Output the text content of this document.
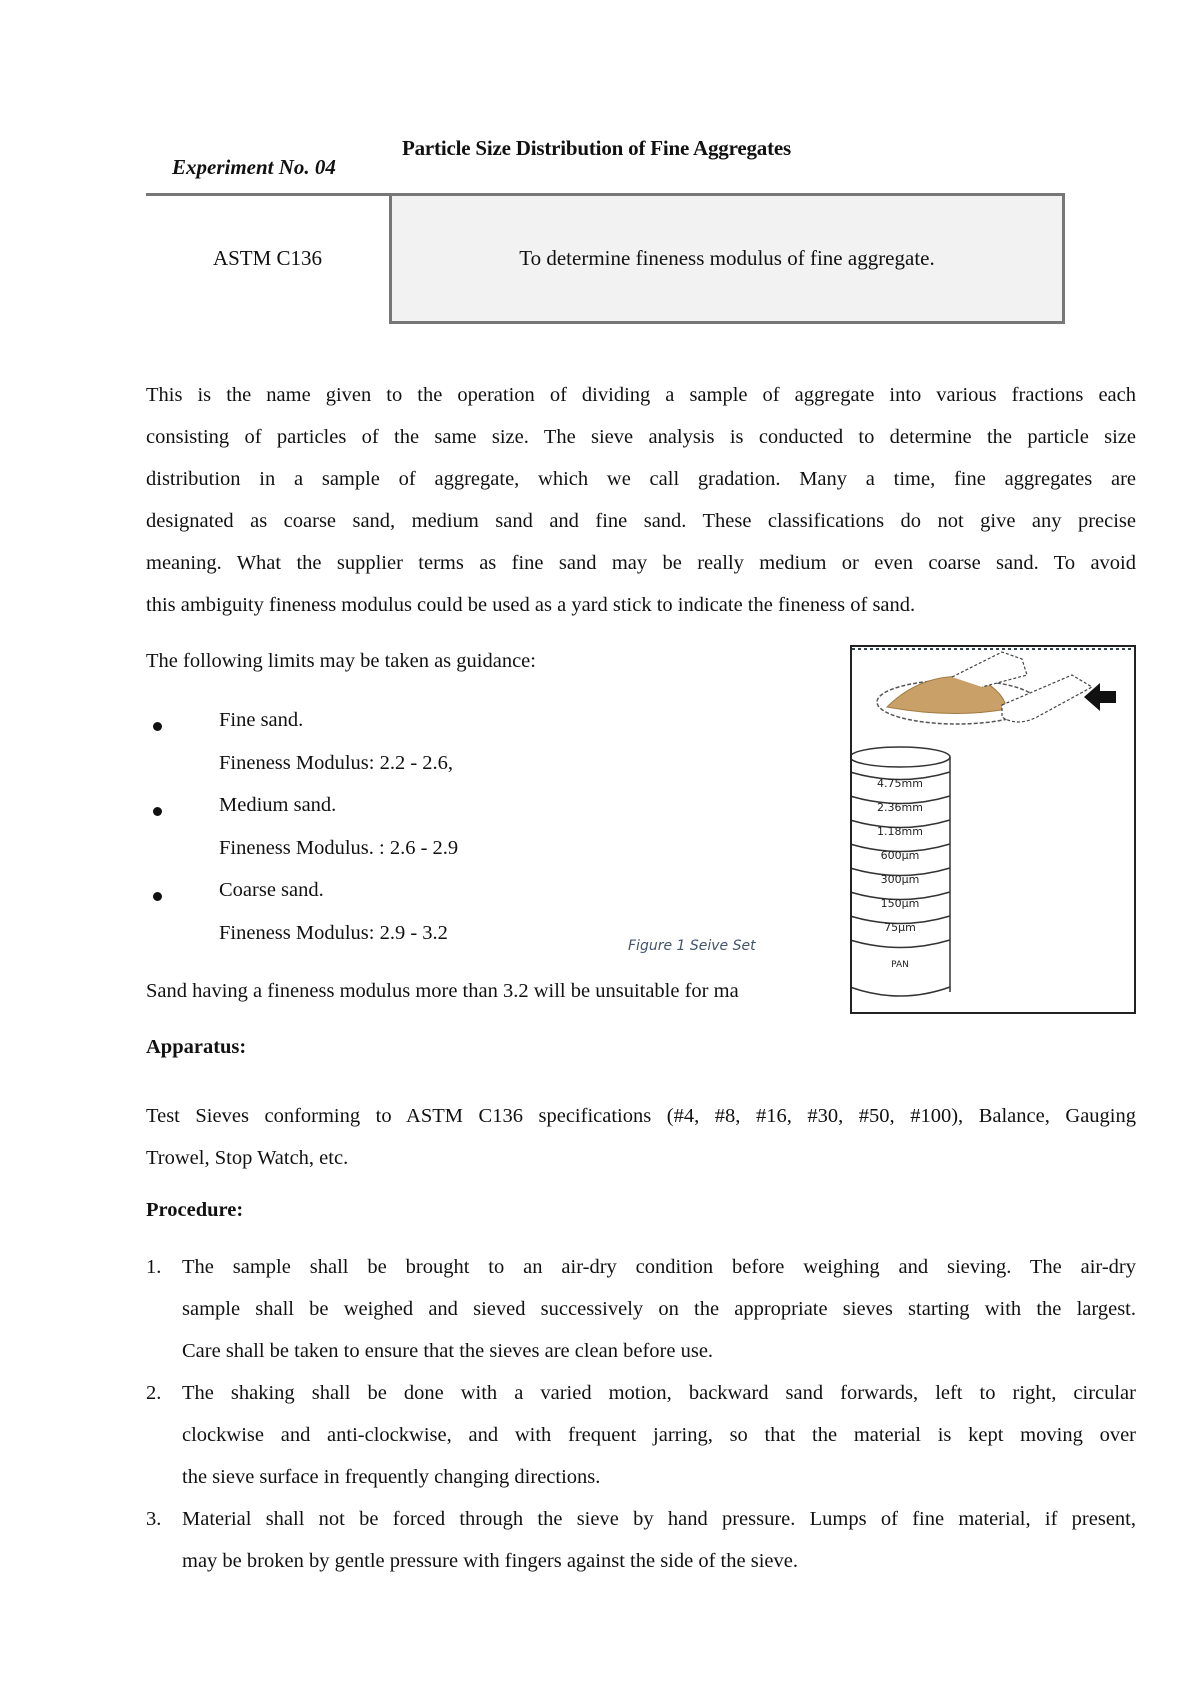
Particle Size Distribution of Fine Aggregates
Experiment No. 04
ASTM C136	To determine fineness modulus of fine aggregate.
This is the name given to the operation of dividing a sample of aggregate into various fractions each
consisting of particles of the same size. The sieve analysis is conducted to determine the particle size
distribution in a sample of aggregate, which we call gradation. Many a time, fine aggregates are
designated as coarse sand, medium sand and fine sand. These classifications do not give any precise
meaning. What the supplier terms as fine sand may be really medium or even coarse sand. To avoid
this ambiguity fineness modulus could be used as a yard stick to indicate the fineness of sand.
The following limits may be taken as guidance:
Fine sand.
Fineness Modulus: 2.2 - 2.6,
Medium sand.
Fineness Modulus. : 2.6 - 2.9
Coarse sand.
Fineness Modulus: 2.9 - 3.2
Figure 1 Seive Set
Sand having a fineness modulus more than 3.2 will be unsuitable for ma
4.75mm
2.36mm
1.18mm
600µm
300µm
150µm
75µm
PAN
Apparatus:
Test Sieves conforming to ASTM C136 specifications (#4, #8, #16, #30, #50, #100), Balance, Gauging
Trowel, Stop Watch, etc.
Procedure:
1. The sample shall be brought to an air-dry condition before weighing and sieving. The air-dry
sample shall be weighed and sieved successively on the appropriate sieves starting with the largest.
Care shall be taken to ensure that the sieves are clean before use.
2. The shaking shall be done with a varied motion, backward sand forwards, left to right, circular
clockwise and anti-clockwise, and with frequent jarring, so that the material is kept moving over
the sieve surface in frequently changing directions.
3. Material shall not be forced through the sieve by hand pressure. Lumps of fine material, if present,
may be broken by gentle pressure with fingers against the side of the sieve.
